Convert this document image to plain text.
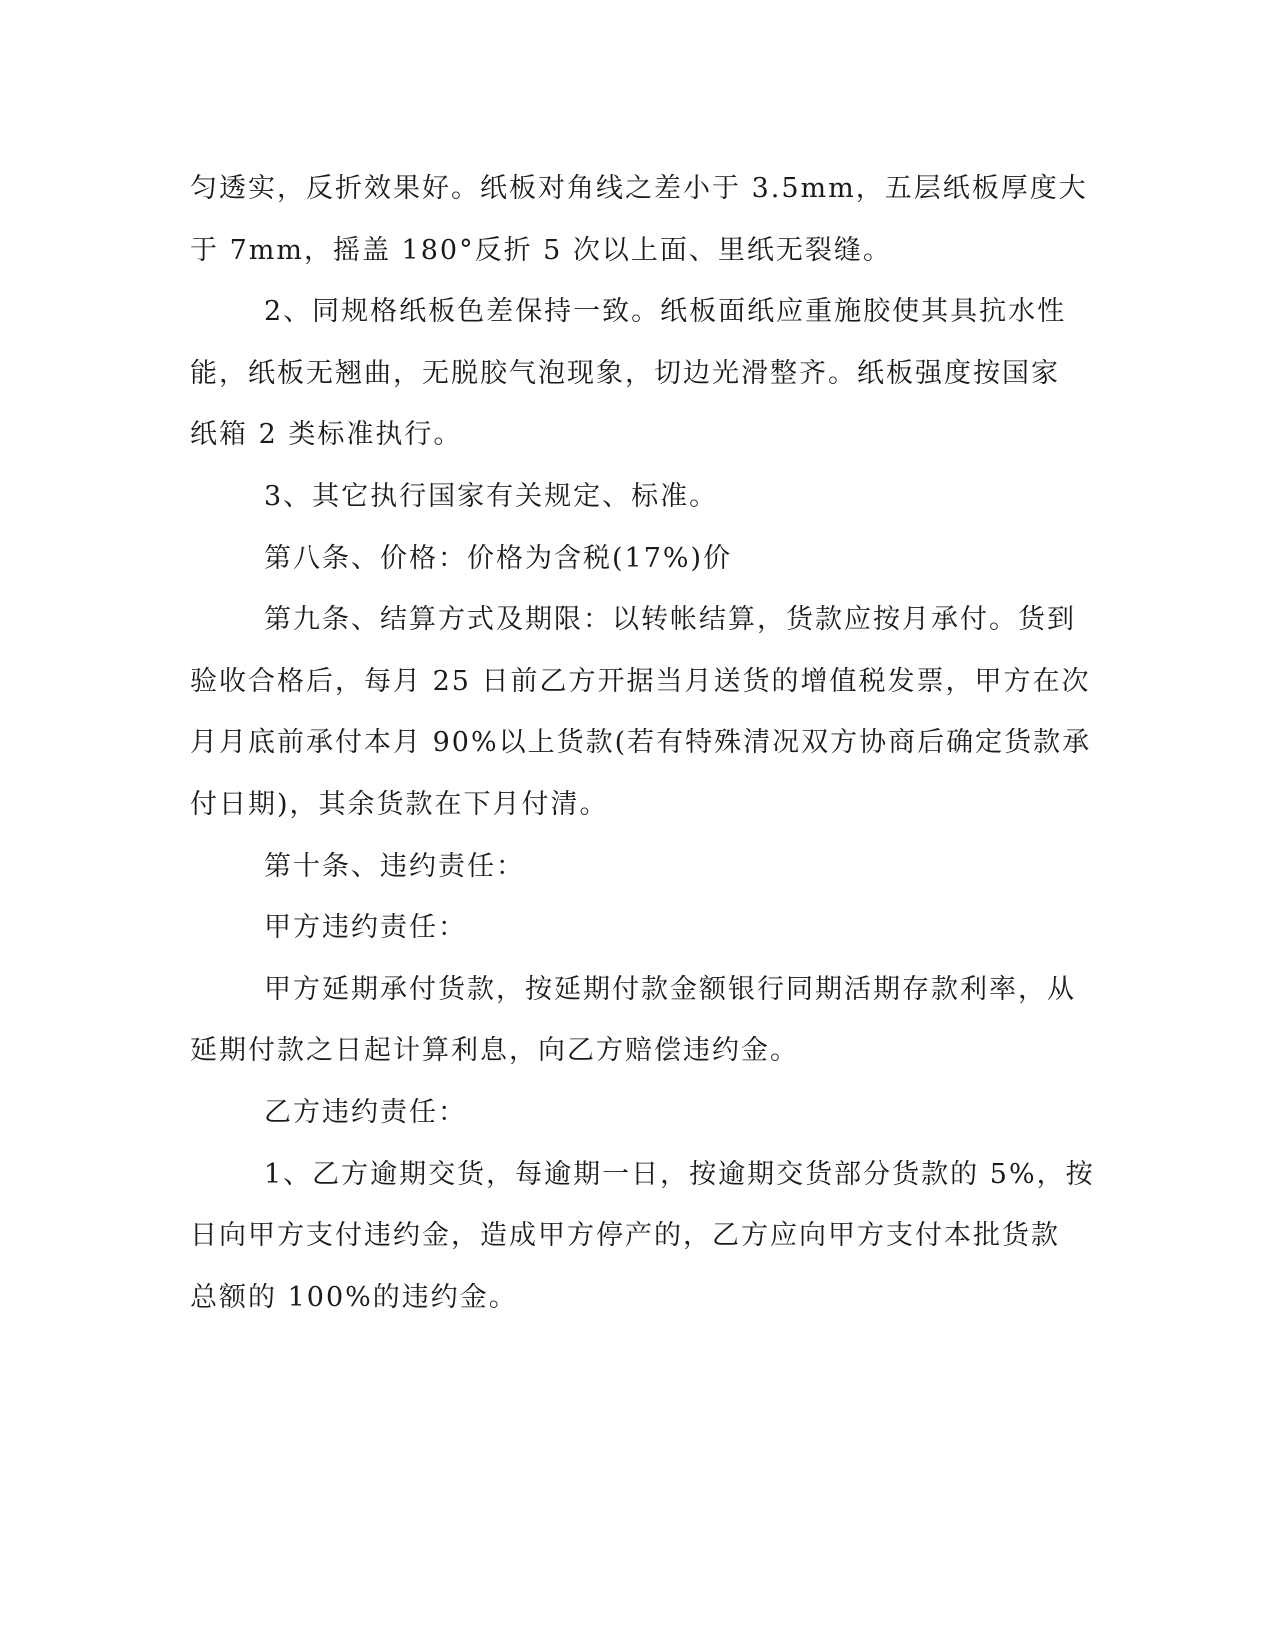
匀透实，反折效果好。纸板对角线之差小于 3.5mm，五层纸板厚度大
于 7mm，摇盖 180°反折 5 次以上面、里纸无裂缝。
2、同规格纸板色差保持一致。纸板面纸应重施胶使其具抗水性
能，纸板无翘曲，无脱胶气泡现象，切边光滑整齐。纸板强度按国家
纸箱 2 类标准执行。
3、其它执行国家有关规定、标准。
第八条、价格：价格为含税(17%)价
第九条、结算方式及期限：以转帐结算，货款应按月承付。货到
验收合格后，每月 25 日前乙方开据当月送货的增值税发票，甲方在次
月月底前承付本月 90%以上货款(若有特殊清况双方协商后确定货款承
付日期)，其余货款在下月付清。
第十条、违约责任：
甲方违约责任：
甲方延期承付货款，按延期付款金额银行同期活期存款利率，从
延期付款之日起计算利息，向乙方赔偿违约金。
乙方违约责任：
1、乙方逾期交货，每逾期一日，按逾期交货部分货款的 5%，按
日向甲方支付违约金，造成甲方停产的，乙方应向甲方支付本批货款
总额的 100%的违约金。
